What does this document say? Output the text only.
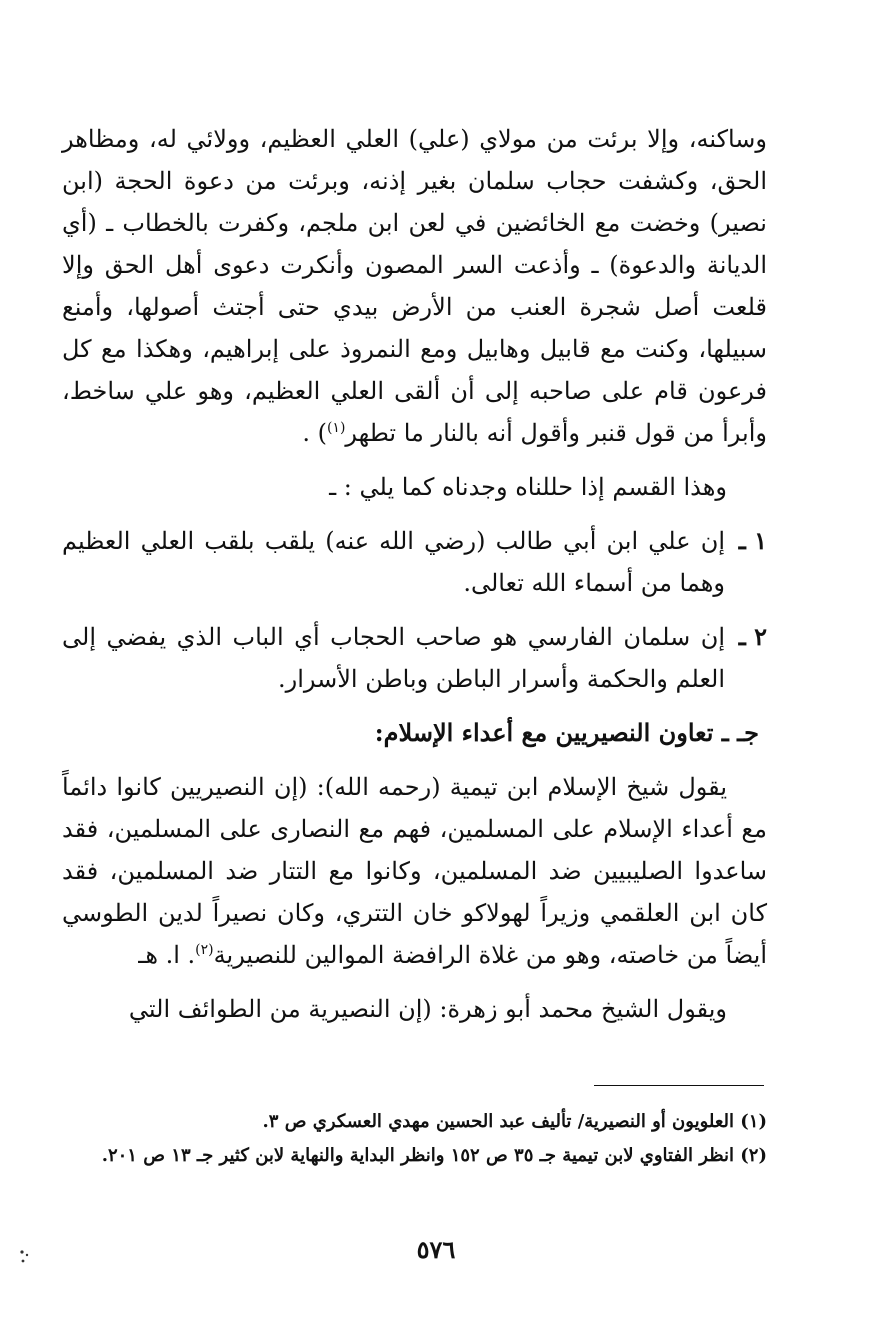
وساكنه، وإلا برئت من مولاي (علي) العلي العظيم، وولائي له، ومظاهر الحق، وكشفت حجاب سلمان بغير إذنه، وبرئت من دعوة الحجة (ابن نصير) وخضت مع الخائضين في لعن ابن ملجم، وكفرت بالخطاب ـ (أي الديانة والدعوة) ـ وأذعت السر المصون وأنكرت دعوى أهل الحق وإلا قلعت أصل شجرة العنب من الأرض بيدي حتى أجتث أصولها، وأمنع سبيلها، وكنت مع قابيل وهابيل ومع النمروذ على إبراهيم، وهكذا مع كل فرعون قام على صاحبه إلى أن ألقى العلي العظيم، وهو علي ساخط، وأبرأ من قول قنبر وأقول أنه بالنار ما تطهر$^{(١)}$) .

وهذا القسم إذا حللناه وجدناه كما يلي : ـ

١ ـ
إن علي ابن أبي طالب (رضي الله عنه) يلقب بلقب العلي العظيم وهما من أسماء الله تعالى.
٢ ـ
إن سلمان الفارسي هو صاحب الحجاب أي الباب الذي يفضي إلى العلم والحكمة وأسرار الباطن وباطن الأسرار.

جـ ـ تعاون النصيريين مع أعداء الإسلام:

يقول شيخ الإسلام ابن تيمية (رحمه الله): (إن النصيريين كانوا دائماً مع أعداء الإسلام على المسلمين، فهم مع النصارى على المسلمين، فقد ساعدوا الصليبيين ضد المسلمين، وكانوا مع التتار ضد المسلمين، فقد كان ابن العلقمي وزيراً لهولاكو خان التتري، وكان نصيراً لدين الطوسي أيضاً من خاصته، وهو من غلاة الرافضة الموالين للنصيرية$^{(٢)}$. ا. هـ

ويقول الشيخ محمد أبو زهرة: (إن النصيرية من الطوائف التي

(١) العلويون أو النصيرية/ تأليف عبد الحسين مهدي العسكري ص ٣.

(٢) انظر الفتاوي لابن تيمية جـ ٣٥ ص ١٥٢ وانظر البداية والنهاية لابن كثير جـ ١٣ ص ٢٠١.

٥٧٦
